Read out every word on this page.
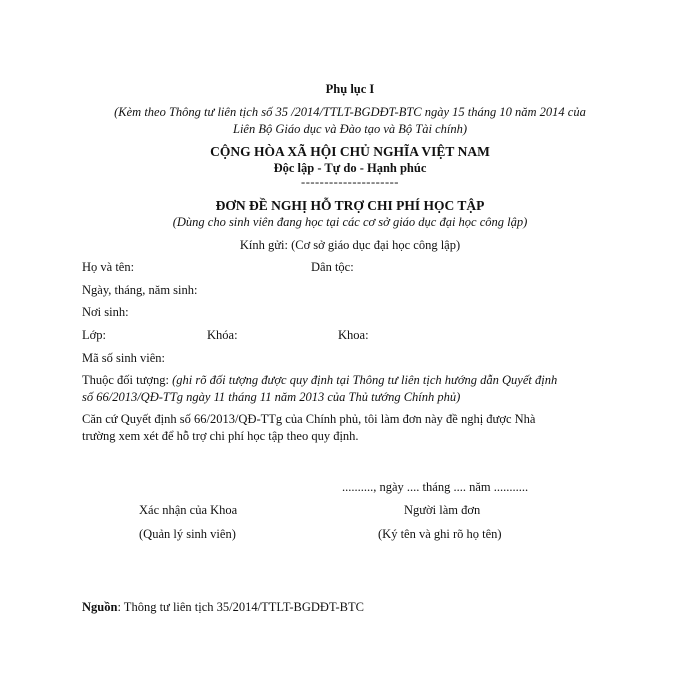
Phụ lục I
(Kèm theo Thông tư liên tịch số 35 /2014/TTLT-BGDĐT-BTC ngày 15 tháng 10 năm 2014 của
Liên Bộ Giáo dục và Đào tạo và Bộ Tài chính)
CỘNG HÒA XÃ HỘI CHỦ NGHĨA VIỆT NAM
Độc lập - Tự do - Hạnh phúc
---------------------
ĐƠN ĐỀ NGHỊ HỖ TRỢ CHI PHÍ HỌC TẬP
(Dùng cho sinh viên đang học tại các cơ sở giáo dục đại học công lập)
Kính gửi: (Cơ sở giáo dục đại học công lập)
Họ và tên:	Dân tộc:
Ngày, tháng, năm sinh:
Nơi sinh:
Lớp:	Khóa:	Khoa:
Mã số sinh viên:
Thuộc đối tượng: (ghi rõ đối tượng được quy định tại Thông tư liên tịch hướng dẫn Quyết định
số 66/2013/QĐ-TTg ngày 11 tháng 11 năm 2013 của Thủ tướng Chính phủ)
Căn cứ Quyết định số 66/2013/QĐ-TTg của Chính phủ, tôi làm đơn này đề nghị được Nhà
trường xem xét để hỗ trợ chi phí học tập theo quy định.
.........., ngày .... tháng .... năm ...........
Xác nhận của Khoa	Người làm đơn
(Quản lý sinh viên)	(Ký tên và ghi rõ họ tên)
Nguồn: Thông tư liên tịch 35/2014/TTLT-BGDĐT-BTC
